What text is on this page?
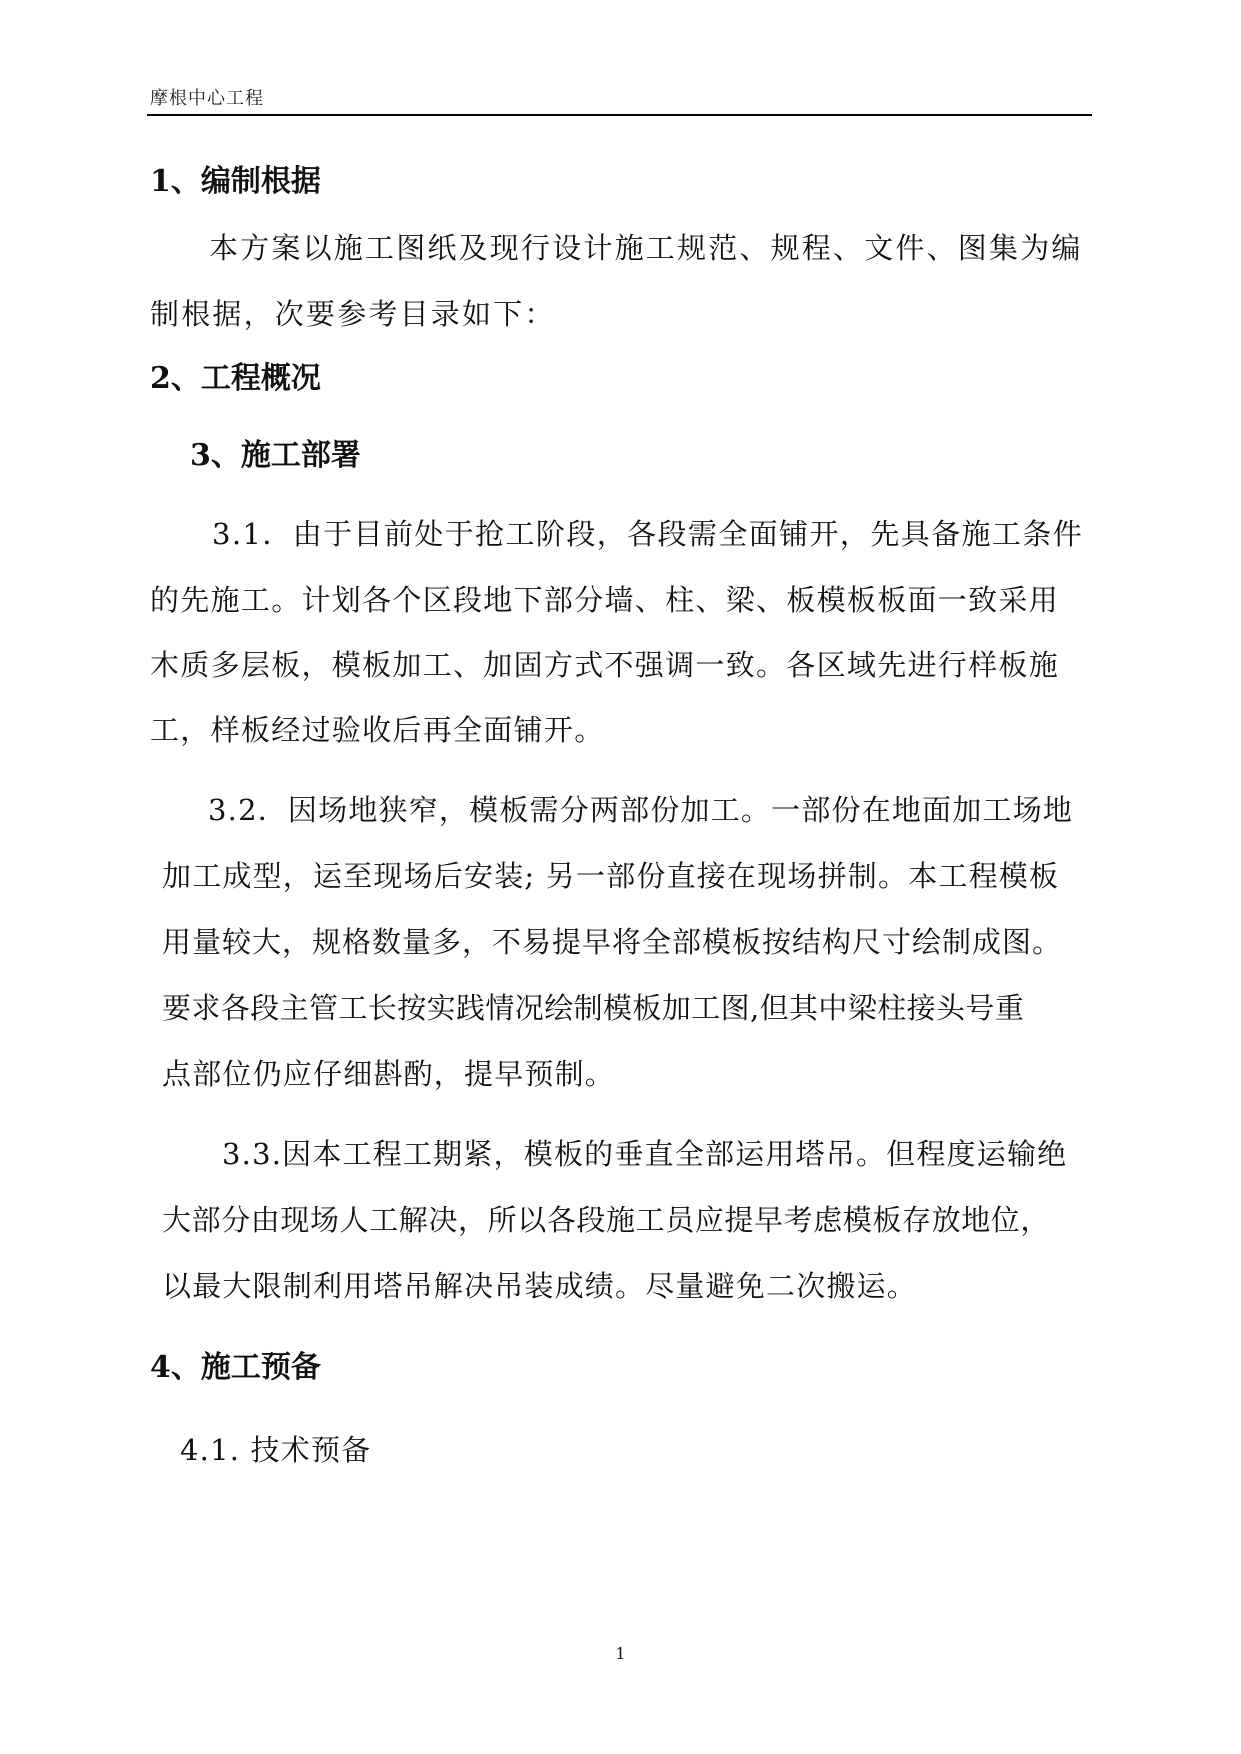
摩根中心工程
1、编制根据
本方案以施工图纸及现行设计施工规范、规程、文件、图集为编
制根据，次要参考目录如下：
2、工程概况
3、施工部署
3.1．由于目前处于抢工阶段，各段需全面铺开，先具备施工条件
的先施工。计划各个区段地下部分墙、柱、梁、板模板板面一致采用
木质多层板，模板加工、加固方式不强调一致。各区域先进行样板施
工，样板经过验收后再全面铺开。
3.2．因场地狭窄，模板需分两部份加工。一部份在地面加工场地
加工成型，运至现场后安装; 另一部份直接在现场拼制。本工程模板
用量较大，规格数量多，不易提早将全部模板按结构尺寸绘制成图。
要求各段主管工长按实践情况绘制模板加工图,但其中梁柱接头号重
点部位仍应仔细斟酌，提早预制。
3.3.因本工程工期紧，模板的垂直全部运用塔吊。但程度运输绝
大部分由现场人工解决，所以各段施工员应提早考虑模板存放地位，
以最大限制利用塔吊解决吊装成绩。尽量避免二次搬运。
4、施工预备
4.1. 技术预备
1
